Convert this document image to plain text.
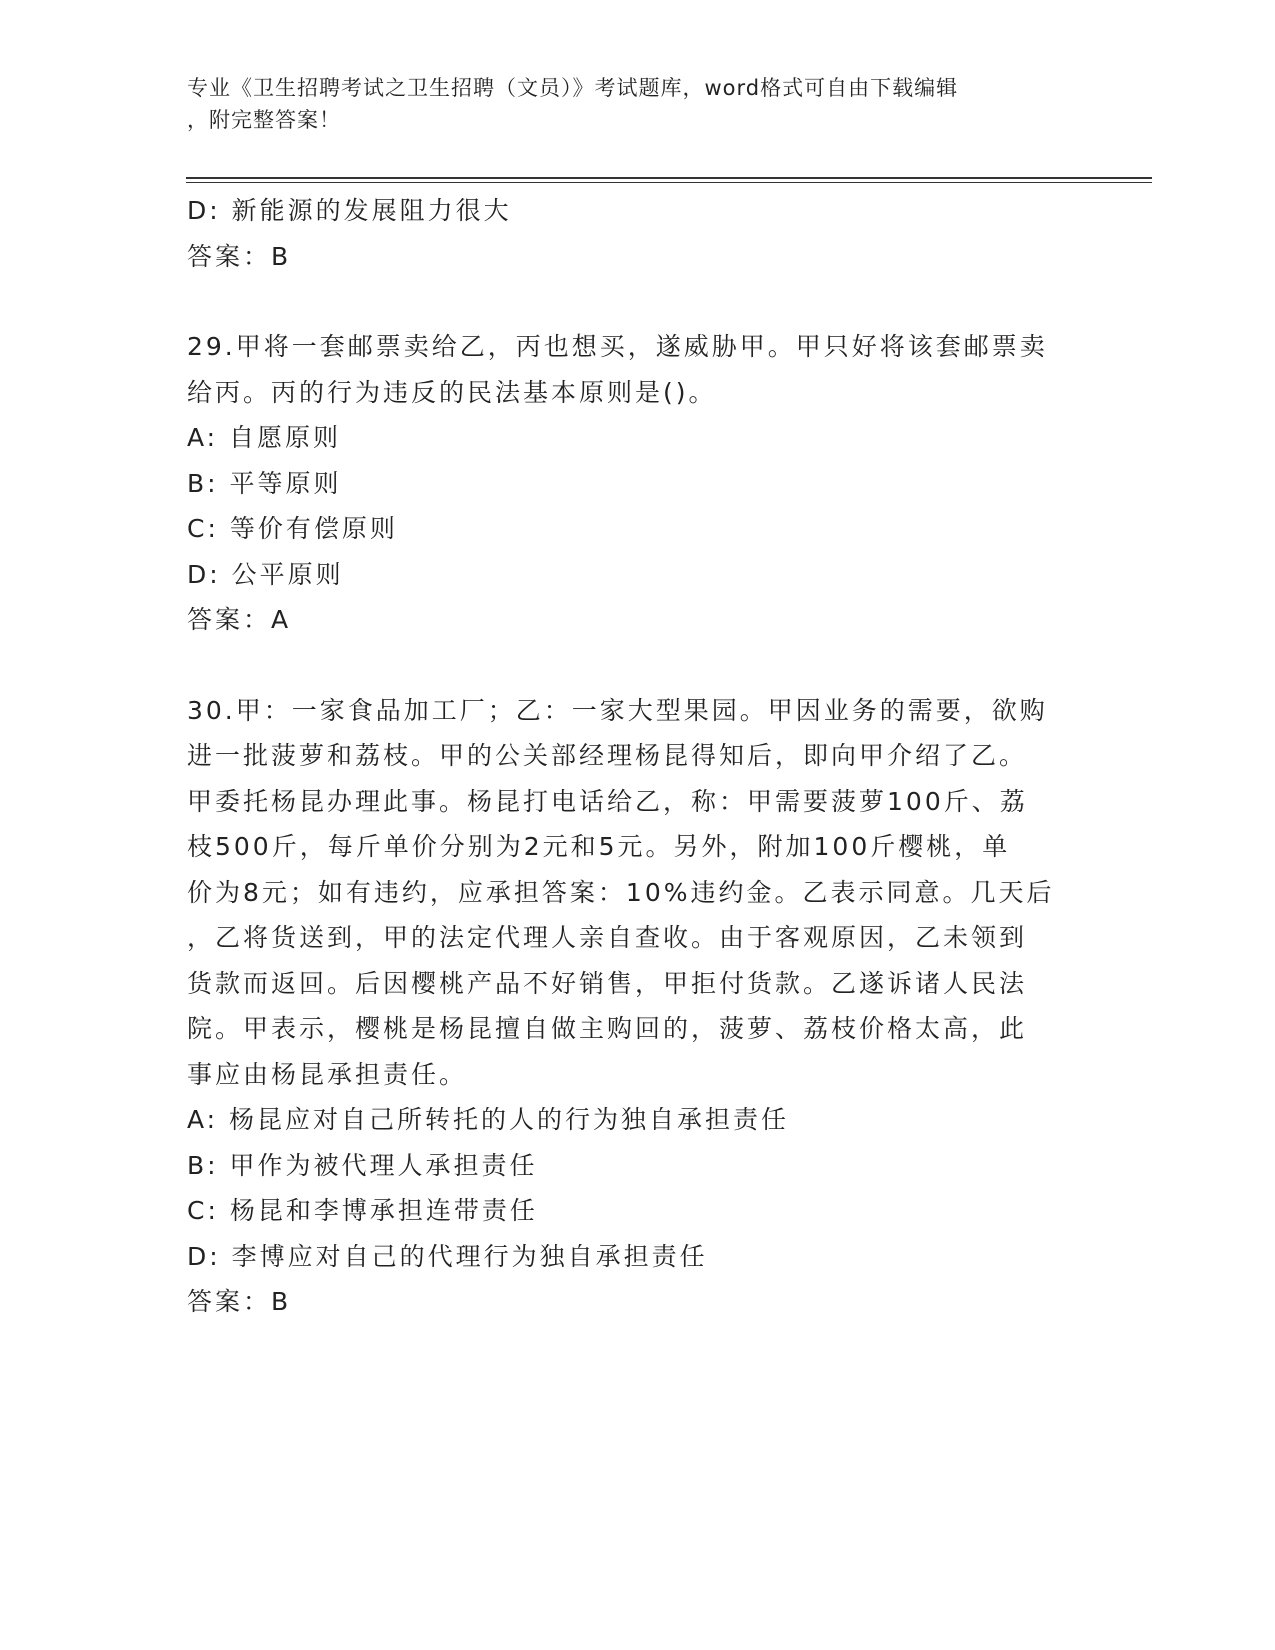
专业《卫生招聘考试之卫生招聘（文员）》考试题库，word格式可自由下载编辑
，附完整答案！
D: 新能源的发展阻力很大
答案：B
29.甲将一套邮票卖给乙，丙也想买，遂威胁甲。甲只好将该套邮票卖
给丙。丙的行为违反的民法基本原则是()。
A: 自愿原则
B: 平等原则
C: 等价有偿原则
D: 公平原则
答案：A
30.甲：一家食品加工厂；乙：一家大型果园。甲因业务的需要，欲购
进一批菠萝和荔枝。甲的公关部经理杨昆得知后，即向甲介绍了乙。
甲委托杨昆办理此事。杨昆打电话给乙，称：甲需要菠萝100斤、荔
枝500斤，每斤单价分别为2元和5元。另外，附加100斤樱桃，单
价为8元；如有违约，应承担答案：10%违约金。乙表示同意。几天后
，乙将货送到，甲的法定代理人亲自查收。由于客观原因，乙未领到
货款而返回。后因樱桃产品不好销售，甲拒付货款。乙遂诉诸人民法
院。甲表示，樱桃是杨昆擅自做主购回的，菠萝、荔枝价格太高，此
事应由杨昆承担责任。
A: 杨昆应对自己所转托的人的行为独自承担责任
B: 甲作为被代理人承担责任
C: 杨昆和李博承担连带责任
D: 李博应对自己的代理行为独自承担责任
答案：B
